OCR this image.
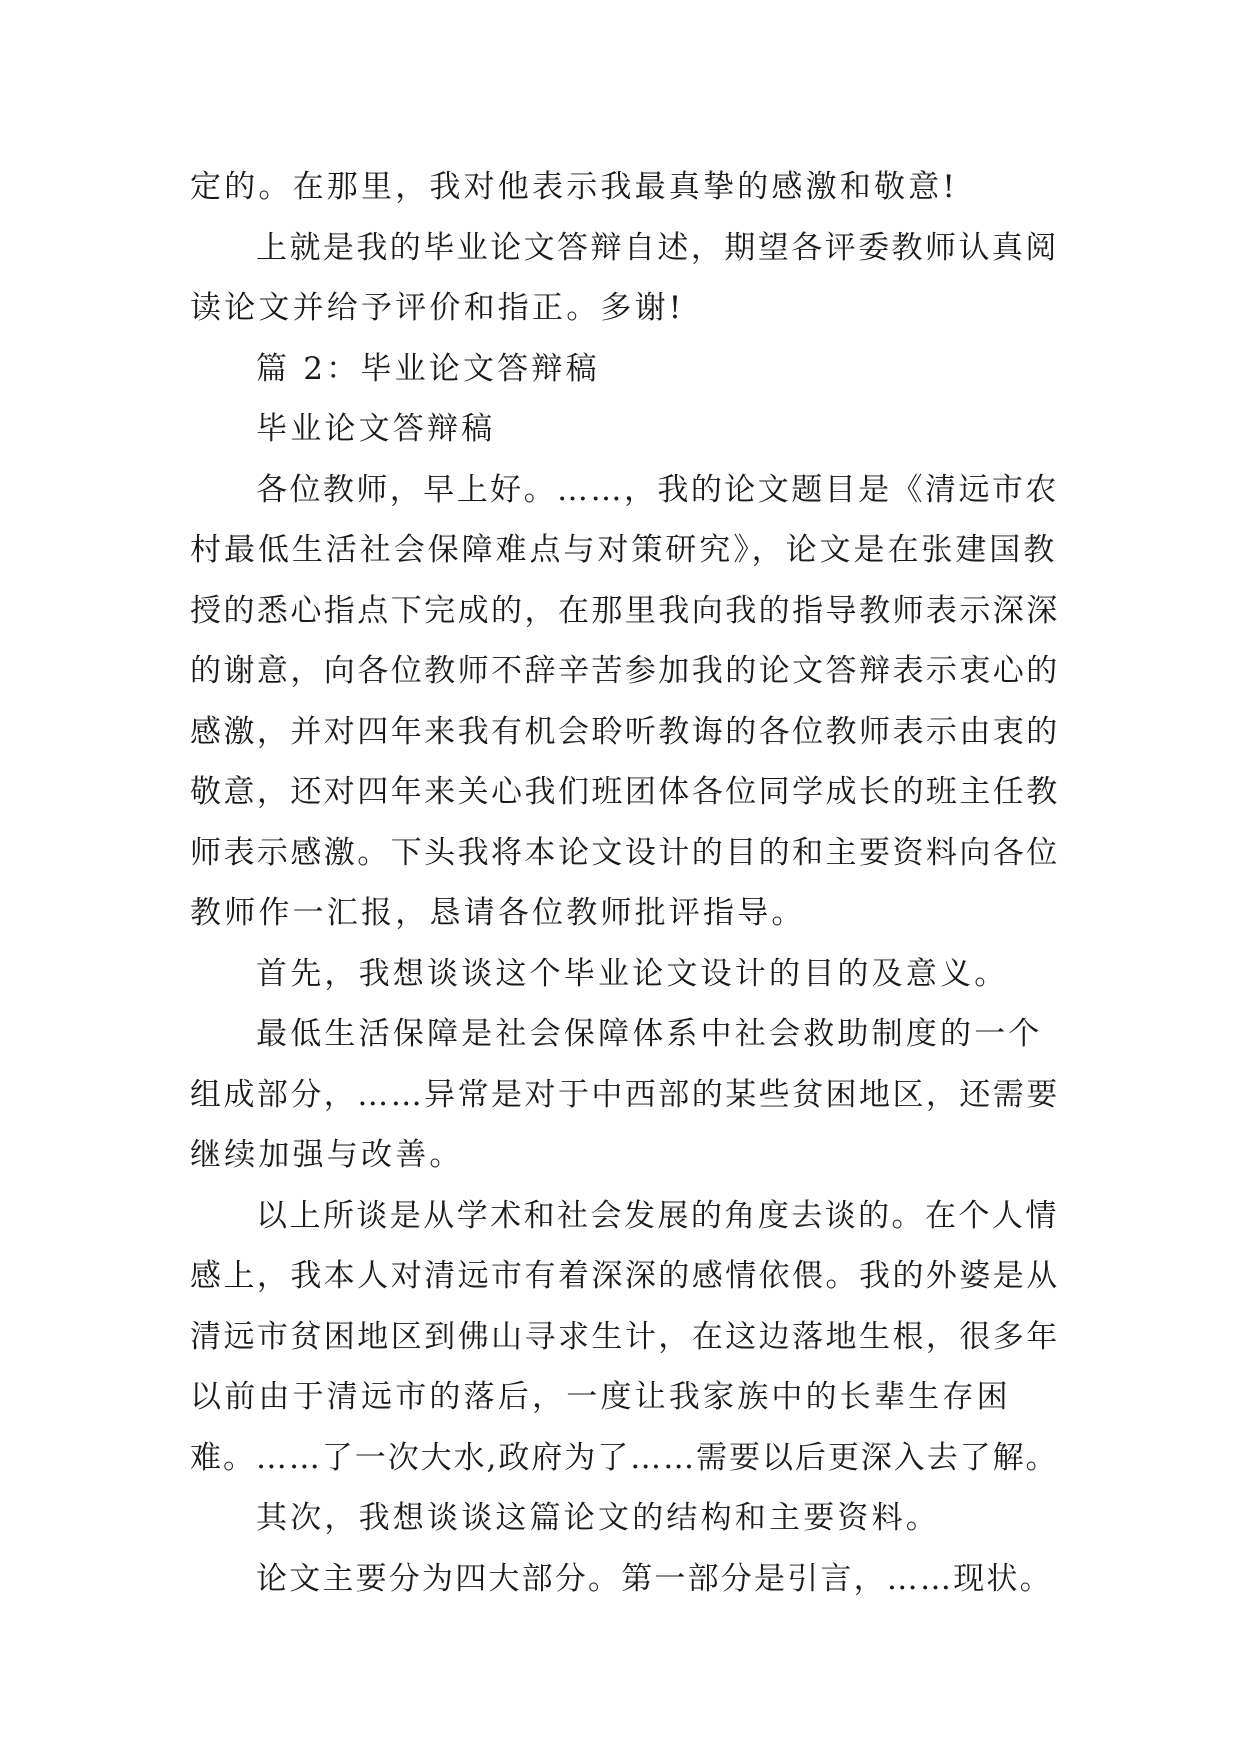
定的。在那里，我对他表示我最真挚的感激和敬意!
上就是我的毕业论文答辩自述，期望各评委教师认真阅
读论文并给予评价和指正。多谢!
篇 2：毕业论文答辩稿
毕业论文答辩稿
各位教师，早上好。……，我的论文题目是《清远市农
村最低生活社会保障难点与对策研究》，论文是在张建国教
授的悉心指点下完成的，在那里我向我的指导教师表示深深
的谢意，向各位教师不辞辛苦参加我的论文答辩表示衷心的
感激，并对四年来我有机会聆听教诲的各位教师表示由衷的
敬意，还对四年来关心我们班团体各位同学成长的班主任教
师表示感激。下头我将本论文设计的目的和主要资料向各位
教师作一汇报，恳请各位教师批评指导。
首先，我想谈谈这个毕业论文设计的目的及意义。
最低生活保障是社会保障体系中社会救助制度的一个
组成部分，……异常是对于中西部的某些贫困地区，还需要
继续加强与改善。
以上所谈是从学术和社会发展的角度去谈的。在个人情
感上，我本人对清远市有着深深的感情依偎。我的外婆是从
清远市贫困地区到佛山寻求生计，在这边落地生根，很多年
以前由于清远市的落后，一度让我家族中的长辈生存困
难。……了一次大水,政府为了……需要以后更深入去了解。
其次，我想谈谈这篇论文的结构和主要资料。
论文主要分为四大部分。第一部分是引言，……现状。
